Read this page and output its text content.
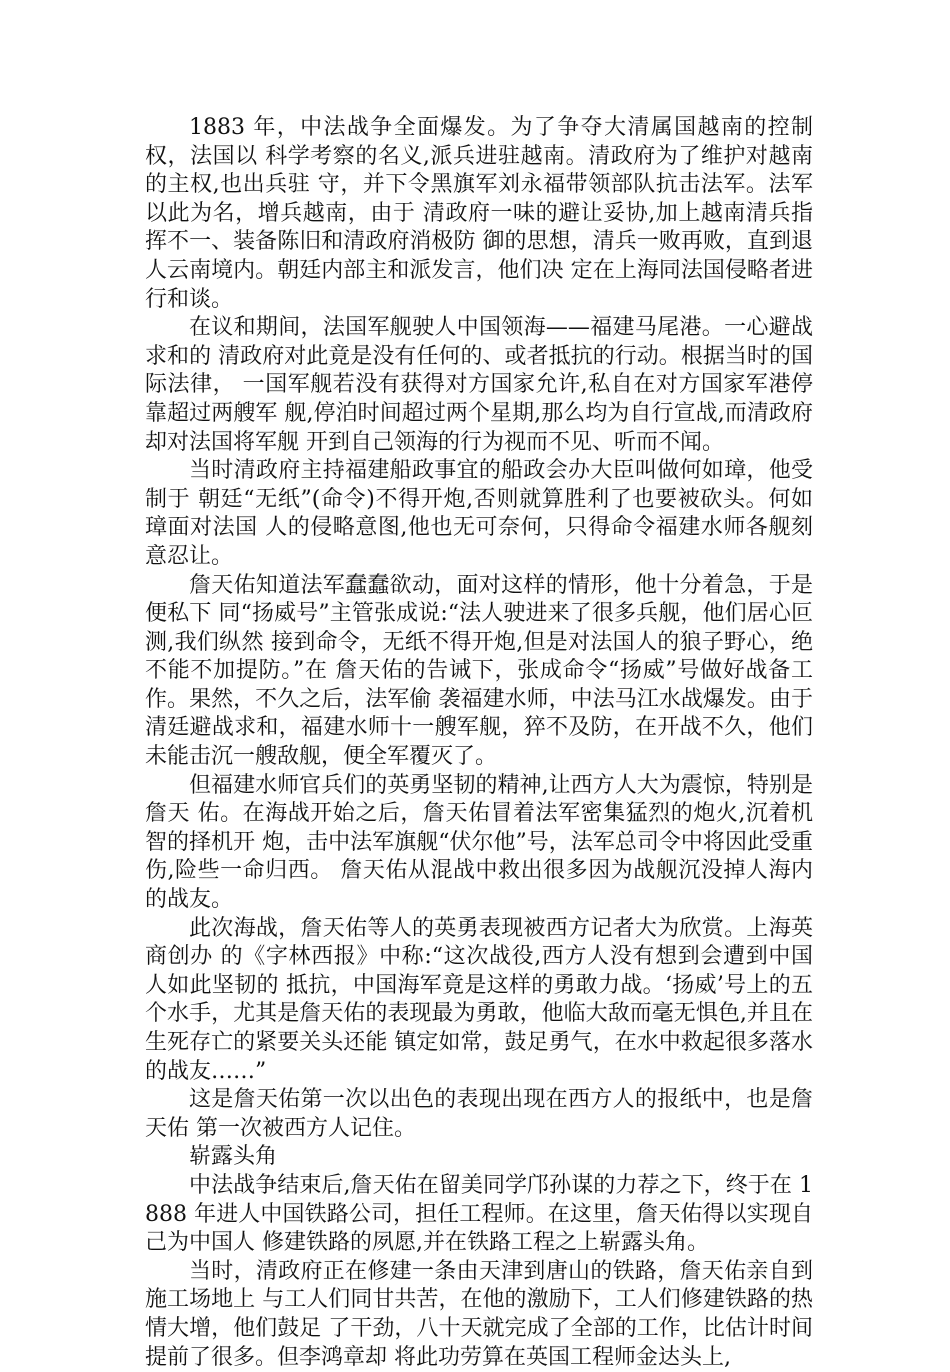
1883 年，中法战争全面爆发。为了争夺大清属国越南的控制权，法国以 科学考察的名义,派兵进驻越南。清政府为了维护对越南的主权,也出兵驻 守，并下令黑旗军刘永福带领部队抗击法军。法军以此为名，增兵越南，由于 清政府一味的避让妥协,加上越南清兵指挥不一、装备陈旧和清政府消极防 御的思想，清兵一败再败，直到退人云南境内。朝廷内部主和派发言，他们决 定在上海同法国侵略者进行和谈。

在议和期间，法国军舰驶人中国领海——福建马尾港。一心避战求和的 清政府对此竟是没有任何的、或者抵抗的行动。根据当时的国际法律， 一国军舰若没有获得对方国家允许,私自在对方国家军港停靠超过两艘军 舰,停泊时间超过两个星期,那么均为自行宣战,而清政府却对法国将军舰 开到自己领海的行为视而不见、听而不闻。

当时清政府主持福建船政事宜的船政会办大臣叫做何如璋，他受制于 朝廷“无纸”(命令)不得开炮,否则就算胜利了也要被砍头。何如璋面对法国 人的侵略意图,他也无可奈何，只得命令福建水师各舰刻意忍让。

詹天佑知道法军蠢蠢欲动，面对这样的情形，他十分着急，于是便私下 同“扬威号”主管张成说:“法人驶进来了很多兵舰，他们居心叵测,我们纵然 接到命令，无纸不得开炮,但是对法国人的狼子野心，绝不能不加提防。”在 詹天佑的告诫下，张成命令“扬威”号做好战备工作。果然，不久之后，法军偷 袭福建水师，中法马江水战爆发。由于清廷避战求和，福建水师十一艘军舰，猝不及防，在开战不久，他们未能击沉一艘敌舰，便全军覆灭了。

但福建水师官兵们的英勇坚韧的精神,让西方人大为震惊，特别是詹天 佑。在海战开始之后，詹天佑冒着法军密集猛烈的炮火,沉着机智的择机开 炮，击中法军旗舰“伏尔他”号，法军总司令中将因此受重伤,险些一命归西。 詹天佑从混战中救出很多因为战舰沉没掉人海内的战友。

此次海战，詹天佑等人的英勇表现被西方记者大为欣赏。上海英商创办 的《字林西报》中称:“这次战役,西方人没有想到会遭到中国人如此坚韧的 抵抗，中国海军竟是这样的勇敢力战。‘扬威’号上的五个水手，尤其是詹天佑的表现最为勇敢，他临大敌而毫无惧色,并且在生死存亡的紧要关头还能 镇定如常，鼓足勇气，在水中救起很多落水的战友……”

这是詹天佑第一次以出色的表现出现在西方人的报纸中，也是詹天佑 第一次被西方人记住。

崭露头角

中法战争结束后,詹天佑在留美同学邝孙谋的力荐之下，终于在 1888 年进人中国铁路公司，担任工程师。在这里，詹天佑得以实现自己为中国人 修建铁路的夙愿,并在铁路工程之上崭露头角。

当时，清政府正在修建一条由天津到唐山的铁路，詹天佑亲自到施工场地上 与工人们同甘共苦，在他的激励下，工人们修建铁路的热情大增，他们鼓足 了干劲，八十天就完成了全部的工作，比估计时间提前了很多。但李鸿章却 将此功劳算在英国工程师金达头上,
